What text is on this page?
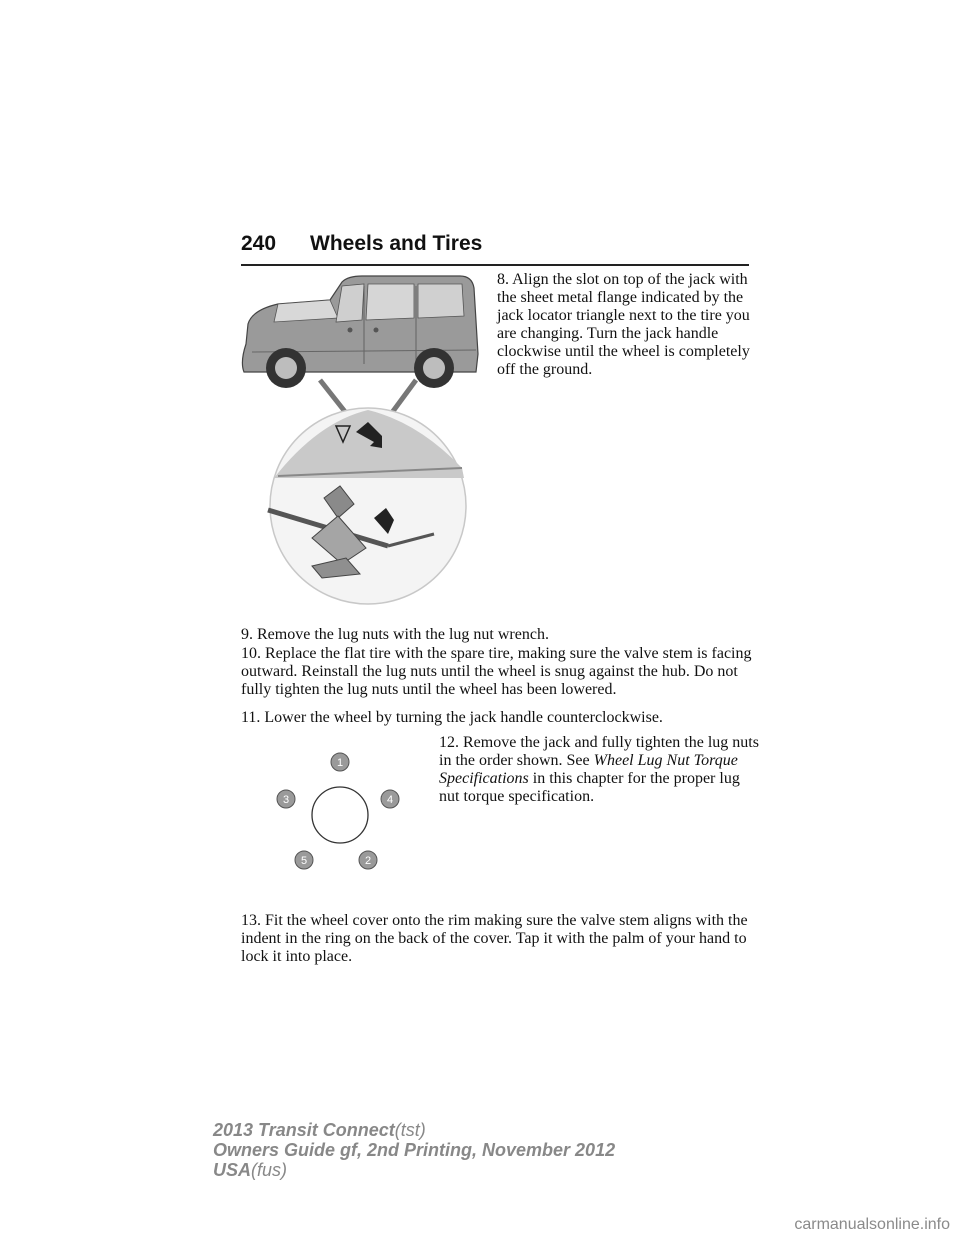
240 Wheels and Tires

8. Align the slot on top of the jack with the sheet metal flange indicated by the jack locator triangle next to the tire you are changing. Turn the jack handle clockwise until the wheel is completely off the ground.

9. Remove the lug nuts with the lug nut wrench.

10. Replace the flat tire with the spare tire, making sure the valve stem is facing outward. Reinstall the lug nuts until the wheel is snug against the hub. Do not fully tighten the lug nuts until the wheel has been lowered.

11. Lower the wheel by turning the jack handle counterclockwise.

1
2
3	4
5

12. Remove the jack and fully tighten the lug nuts in the order shown. See Wheel Lug Nut Torque Specifications in this chapter for the proper lug nut torque specification.

13. Fit the wheel cover onto the rim making sure the valve stem aligns with the indent in the ring on the back of the cover. Tap it with the palm of your hand to lock it into place.

2013 Transit Connect(tst)
Owners Guide gf, 2nd Printing, November 2012
USA(fus)
carmanualsonline.info
